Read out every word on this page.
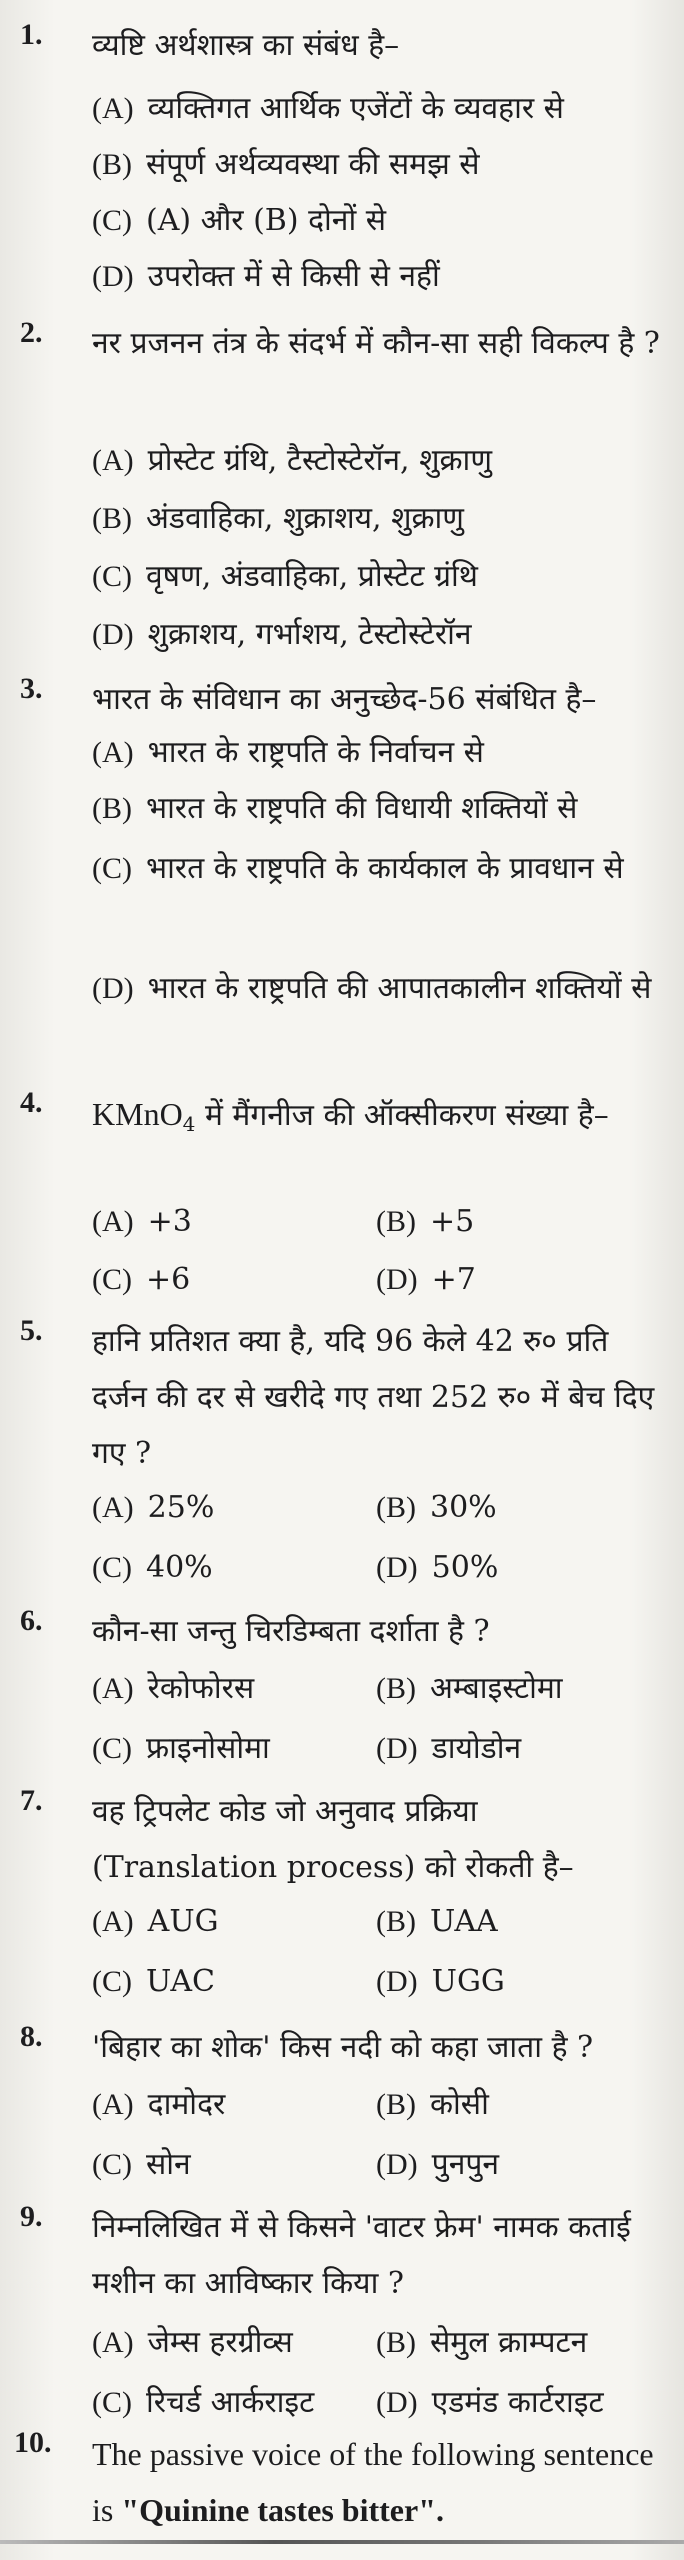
1. व्यष्टि अर्थशास्त्र का संबंध है–
(A) व्यक्तिगत आर्थिक एजेंटों के व्यवहार से
(B) संपूर्ण अर्थव्यवस्था की समझ से
(C) (A) और (B) दोनों से
(D) उपरोक्त में से किसी से नहीं
2. नर प्रजनन तंत्र के संदर्भ में कौन-सा सही विकल्प है ?
(A) प्रोस्टेट ग्रंथि, टैस्टोस्टेरॉन, शुक्राणु
(B) अंडवाहिका, शुक्राशय, शुक्राणु
(C) वृषण, अंडवाहिका, प्रोस्टेट ग्रंथि
(D) शुक्राशय, गर्भाशय, टेस्टोस्टेरॉन
3. भारत के संविधान का अनुच्छेद-56 संबंधित है–
(A) भारत के राष्ट्रपति के निर्वाचन से
(B) भारत के राष्ट्रपति की विधायी शक्तियों से
(C) भारत के राष्ट्रपति के कार्यकाल के प्रावधान से
(D) भारत के राष्ट्रपति की आपातकालीन शक्तियों से
4. KMnO$_4$ में मैंगनीज की ऑक्सीकरण संख्या है–
(A) +3	(B) +5
(C) +6	(D) +7
5. हानि प्रतिशत क्या है, यदि 96 केले 42 रु० प्रति दर्जन की दर से खरीदे गए तथा 252 रु० में बेच दिए गए ?
(A) 25%	(B) 30%
(C) 40%	(D) 50%
6. कौन-सा जन्तु चिरडिम्बता दर्शाता है ?
(A) रेकोफोरस	(B) अम्बाइस्टोमा
(C) फ्राइनोसोमा	(D) डायोडोन
7. वह ट्रिपलेट कोड जो अनुवाद प्रक्रिया (Translation process) को रोकती है–
(A) AUG	(B) UAA
(C) UAC	(D) UGG
8. 'बिहार का शोक' किस नदी को कहा जाता है ?
(A) दामोदर	(B) कोसी
(C) सोन	(D) पुनपुन
9. निम्नलिखित में से किसने 'वाटर फ्रेम' नामक कताई मशीन का आविष्कार किया ?
(A) जेम्स हरग्रीव्स	(B) सेमुल क्राम्पटन
(C) रिचर्ड आर्कराइट (D) एडमंड कार्टराइट
10. The passive voice of the following sentence is "Quinine tastes bitter".
